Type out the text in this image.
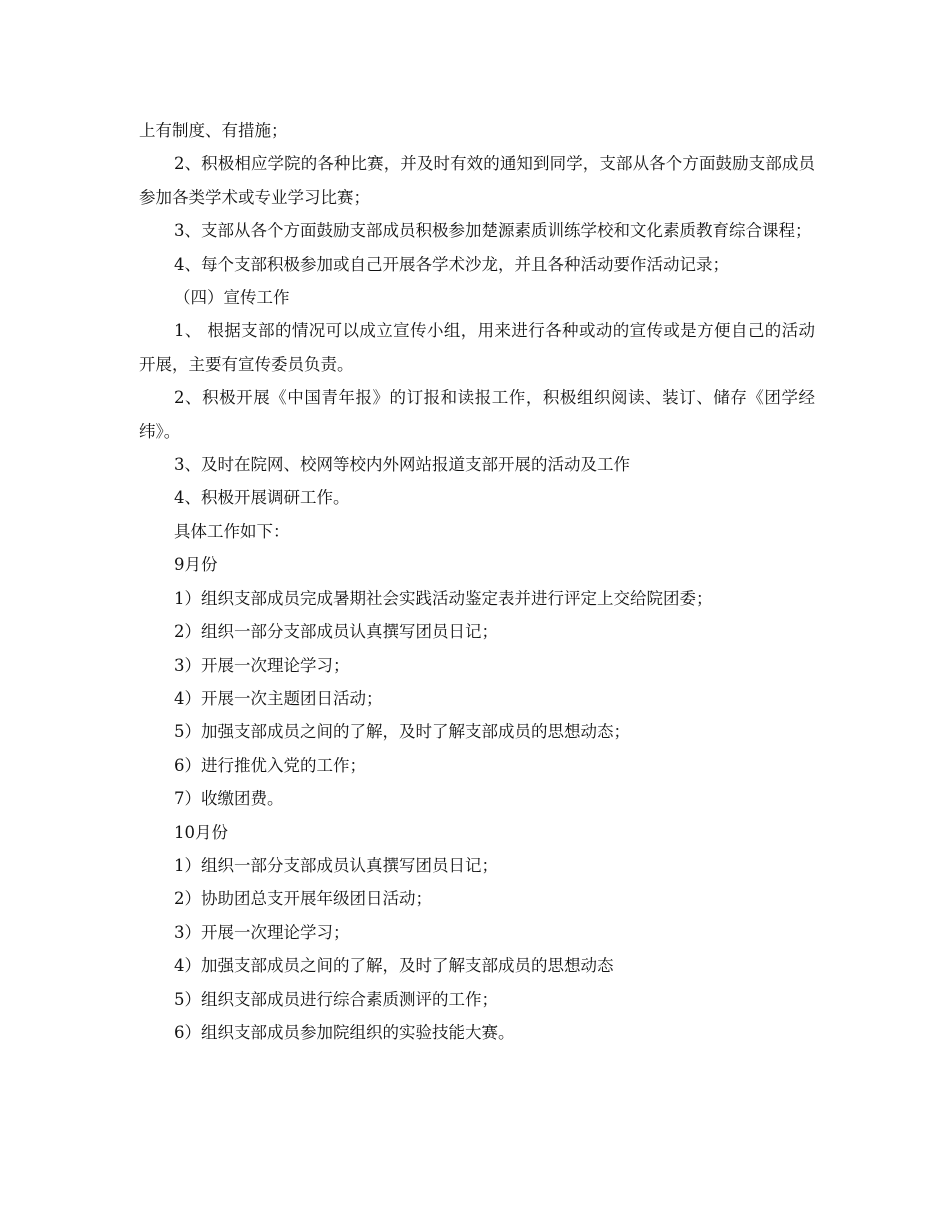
上有制度、有措施；

2、积极相应学院的各种比赛，并及时有效的通知到同学，支部从各个方面鼓励支部成员参加各类学术或专业学习比赛；

3、支部从各个方面鼓励支部成员积极参加楚源素质训练学校和文化素质教育综合课程；

4、每个支部积极参加或自己开展各学术沙龙，并且各种活动要作活动记录；

（四）宣传工作

1、 根据支部的情况可以成立宣传小组，用来进行各种或动的宣传或是方便自己的活动开展，主要有宣传委员负责。

2、积极开展《中国青年报》的订报和读报工作，积极组织阅读、装订、储存《团学经纬》。

3、及时在院网、校网等校内外网站报道支部开展的活动及工作

4、积极开展调研工作。

具体工作如下：

9月份

1）组织支部成员完成暑期社会实践活动鉴定表并进行评定上交给院团委；

2）组织一部分支部成员认真撰写团员日记；

3）开展一次理论学习；

4）开展一次主题团日活动；

5）加强支部成员之间的了解，及时了解支部成员的思想动态；

6）进行推优入党的工作；

7）收缴团费。

10月份

1）组织一部分支部成员认真撰写团员日记；

2）协助团总支开展年级团日活动；

3）开展一次理论学习；

4）加强支部成员之间的了解，及时了解支部成员的思想动态

5）组织支部成员进行综合素质测评的工作；

6）组织支部成员参加院组织的实验技能大赛。
